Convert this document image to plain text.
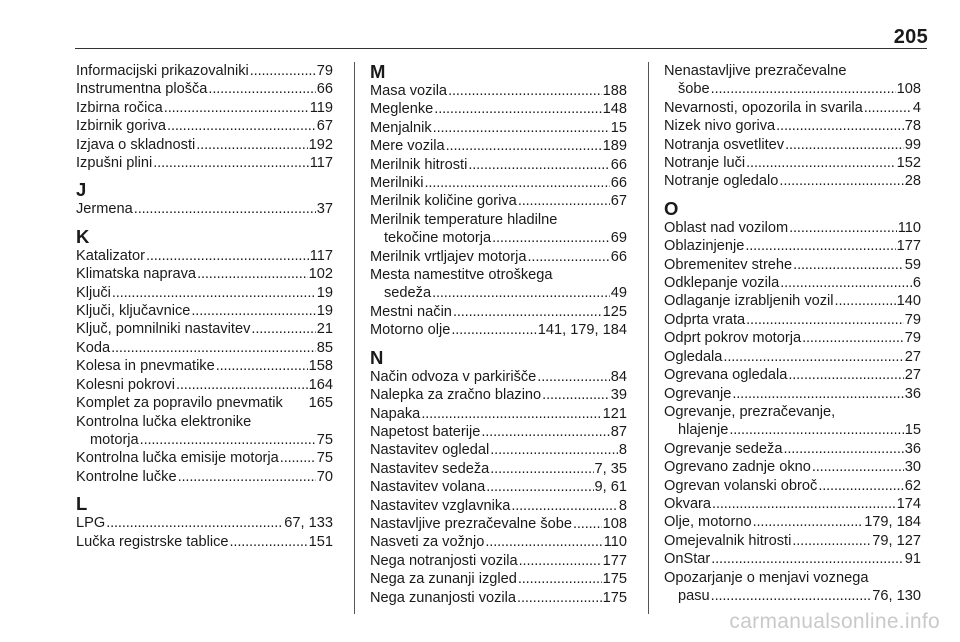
205
Informacijski prikazovalniki . . .	79
Instrumentna plošča . . .	66
Izbirna ročica . . .	119
Izbirnik goriva . . .	67
Izjava o skladnosti . . .	192
Izpušni plini . . .	117
J
Jermena . . .	37
K
Katalizator . . .	117
Klimatska naprava . . .	102
Ključi . . .	19
Ključi, ključavnice . . .	19
Ključ, pomnilniki nastavitev . . .	21
Koda . . .	85
Kolesa in pnevmatike . . .	158
Kolesni pokrovi . . .	164
Komplet za popravilo pnevmatik 165
Kontrolna lučka elektronike
motorja . . .	75
Kontrolna lučka emisije motorja . . .	75
Kontrolne lučke . . .	70
L
LPG . . .	67, 133
Lučka registrske tablice . . .	151
M
Masa vozila . . .	188
Meglenke . . .	148
Menjalnik . . .	15
Mere vozila . . .	189
Merilnik hitrosti . . .	66
Merilniki . . .	66
Merilnik količine goriva . . .	67
Merilnik temperature hladilne
tekočine motorja . . .	69
Merilnik vrtljajev motorja . . .	66
Mesta namestitve otroškega
sedeža . . .	49
Mestni način . . .	125
Motorno olje . . .	141, 179, 184
N
Način odvoza v parkirišče . . .	84
Nalepka za zračno blazino . . .	39
Napaka . . .	121
Napetost baterije . . .	87
Nastavitev ogledal . . .	8
Nastavitev sedeža . . .	7, 35
Nastavitev volana . . .	9, 61
Nastavitev vzglavnika . . .	8
Nastavljive prezračevalne šobe . . . 108
Nasveti za vožnjo . . .	110
Nega notranjosti vozila . . .	177
Nega za zunanji izgled . . .	175
Nega zunanjosti vozila . . .	175
Nenastavljive prezračevalne
šobe . . .	108
Nevarnosti, opozorila in svarila . . .	4
Nizek nivo goriva . . .	78
Notranja osvetlitev . . .	99
Notranje luči . . .	152
Notranje ogledalo . . .	28
O
Oblast nad vozilom . . .	110
Oblazinjenje . . .	177
Obremenitev strehe . . .	59
Odklepanje vozila . . .	6
Odlaganje izrabljenih vozil . . .	140
Odprta vrata . . .	79
Odprt pokrov motorja . . .	79
Ogledala . . .	27
Ogrevana ogledala . . .	27
Ogrevanje . . .	36
Ogrevanje, prezračevanje,
hlajenje . . .	15
Ogrevanje sedeža . . .	36
Ogrevano zadnje okno . . .	30
Ogrevan volanski obroč . . .	62
Okvara . . .	174
Olje, motorno . . .	179, 184
Omejevalnik hitrosti . . .	79, 127
OnStar . . .	91
Opozarjanje o menjavi voznega
pasu . . .	76, 130
carmanualsonline.info
